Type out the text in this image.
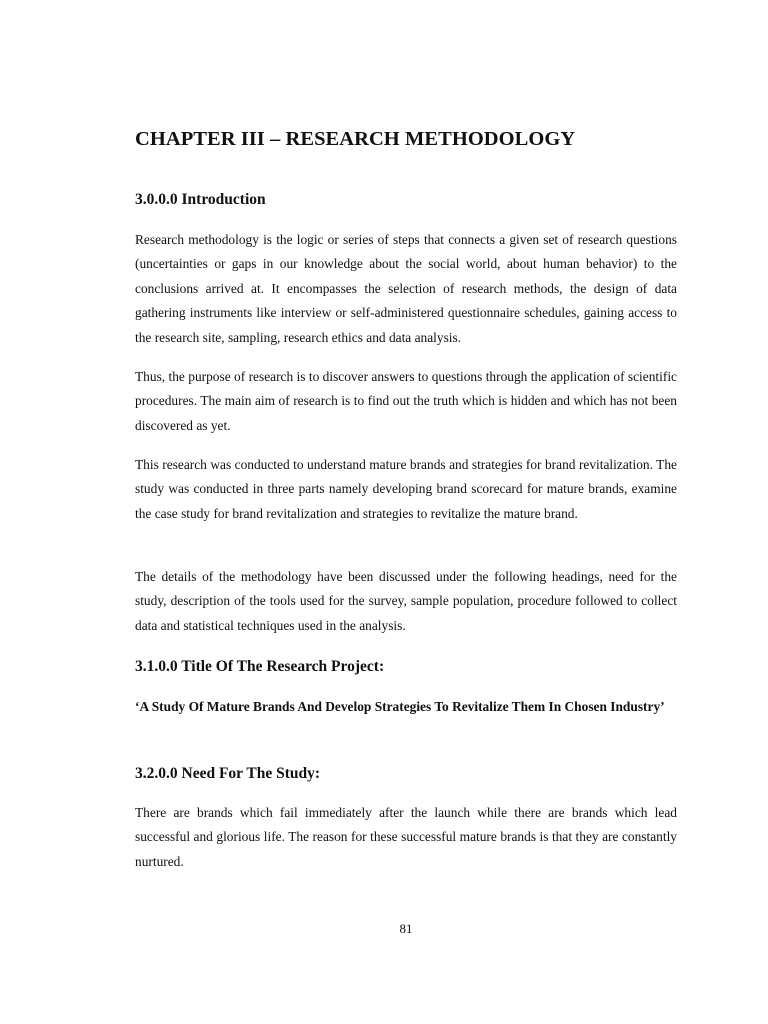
CHAPTER III – RESEARCH METHODOLOGY
3.0.0.0 Introduction

Research methodology is the logic or series of steps that connects a given set of research questions (uncertainties or gaps in our knowledge about the social world, about human behavior) to the conclusions arrived at. It encompasses the selection of research methods, the design of data gathering instruments like interview or self-administered questionnaire schedules, gaining access to the research site, sampling, research ethics and data analysis.

Thus, the purpose of research is to discover answers to questions through the application of scientific procedures. The main aim of research is to find out the truth which is hidden and which has not been discovered as yet.

This research was conducted to understand mature brands and strategies for brand revitalization. The study was conducted in three parts namely developing brand scorecard for mature brands, examine the case study for brand revitalization and strategies to revitalize the mature brand.

The details of the methodology have been discussed under the following headings, need for the study, description of the tools used for the survey, sample population, procedure followed to collect data and statistical techniques used in the analysis.

3.1.0.0 Title Of The Research Project:

‘A Study Of Mature Brands And Develop Strategies To Revitalize Them In Chosen Industry’

3.2.0.0 Need For The Study:

There are brands which fail immediately after the launch while there are brands which lead successful and glorious life. The reason for these successful mature brands is that they are constantly nurtured.

81
